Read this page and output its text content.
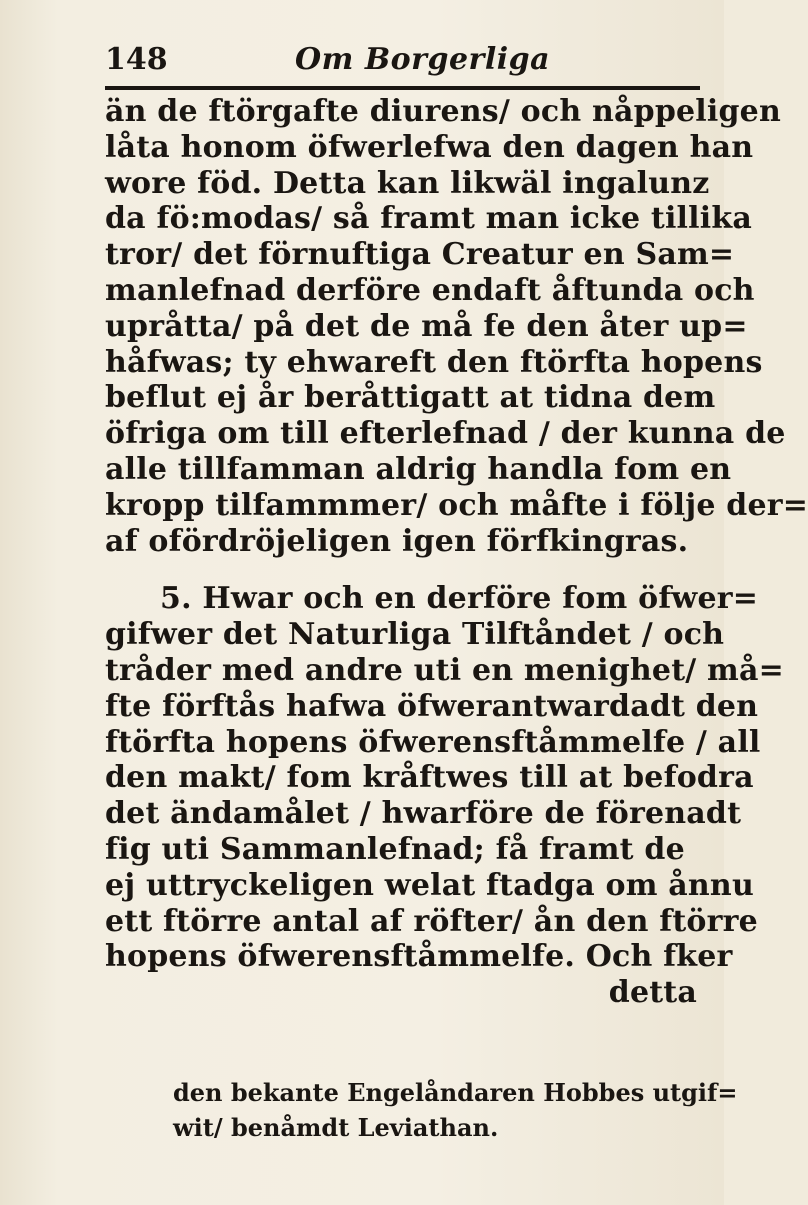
148	Om Borgerliga
än de ftörgafte diurens/ och nåppeligen
låta honom öfwerlefwa den dagen han
wore föd. Detta kan likwäl ingalunz
da fö:modas/ så framt man icke tillika
tror/ det förnuftiga Creatur en Sam=
manlefnad derföre endaft åftunda och
upråtta/ på det de må fe den åter up=
håfwas; ty ehwareft den ftörfta hopens
beflut ej år beråttigatt at tidna dem
öfriga om till efterlefnad / der kunna de
alle tillfamman aldrig handla fom en
kropp tilfammmer/ och måfte i följe der=
af ofördröjeligen igen förfkingras.
5. Hwar och en derföre fom öfwer=
gifwer det Naturliga Tilftåndet / och
tråder med andre uti en menighet/ må=
fte förftås hafwa öfwerantwardadt den
ftörfta hopens öfwerensftåmmelfe / all
den makt/ fom kråftwes till at befodra
det ändamålet / hwarföre de förenadt
fig uti Sammanlefnad; få framt de
ej uttryckeligen welat ftadga om ånnu
ett ftörre antal af röfter/ ån den ftörre
hopens öfwerensftåmmelfe. Och fker
detta
den bekante Engelåndaren Hobbes utgif=
wit/ benåmdt Leviathan.
